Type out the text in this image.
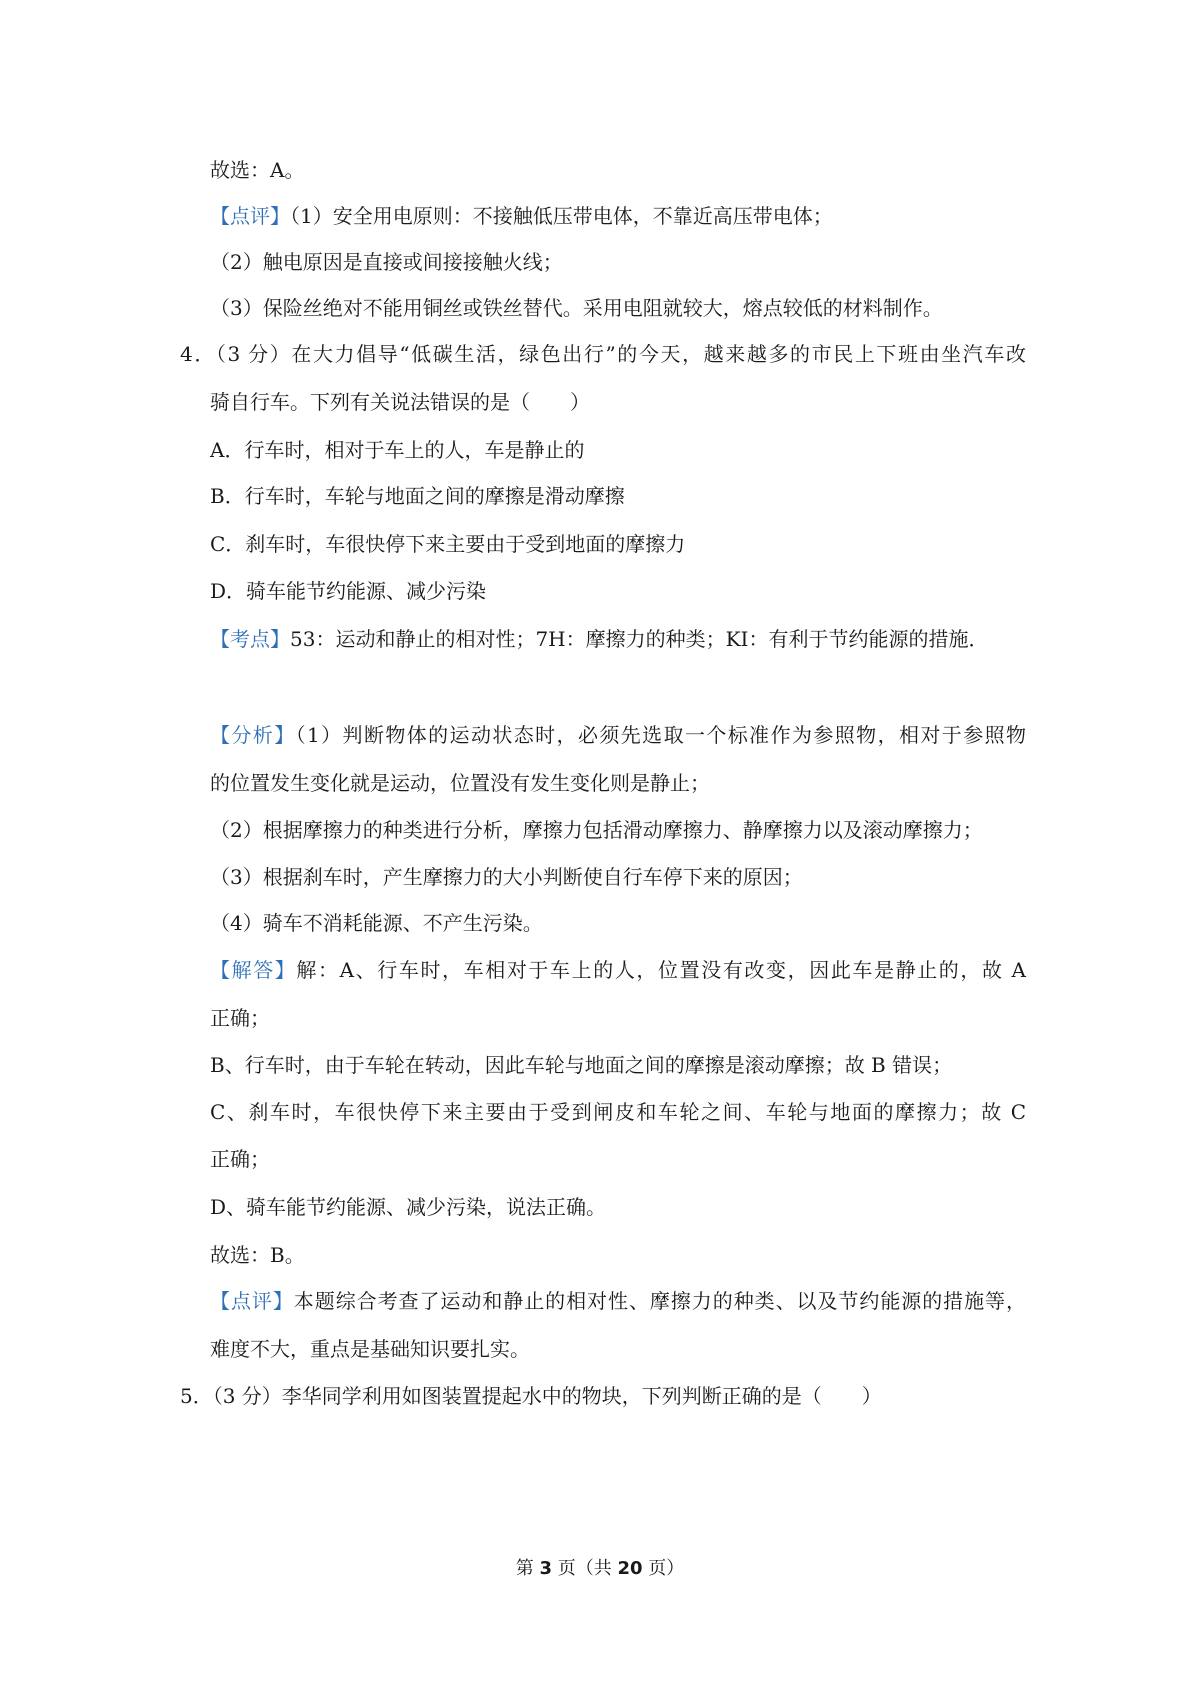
故选：A。
【点评】（1）安全用电原则：不接触低压带电体，不靠近高压带电体；
（2）触电原因是直接或间接接触火线；
（3）保险丝绝对不能用铜丝或铁丝替代。采用电阻就较大，熔点较低的材料制作。
4．（3 分）在大力倡导“低碳生活，绿色出行”的今天，越来越多的市民上下班由坐汽车改
骑自行车。下列有关说法错误的是（　　）
A．行车时，相对于车上的人，车是静止的
B．行车时，车轮与地面之间的摩擦是滑动摩擦
C．刹车时，车很快停下来主要由于受到地面的摩擦力
D．骑车能节约能源、减少污染
【考点】53：运动和静止的相对性；7H：摩擦力的种类；KI：有利于节约能源的措施．
【分析】（1）判断物体的运动状态时，必须先选取一个标准作为参照物，相对于参照物
的位置发生变化就是运动，位置没有发生变化则是静止；
（2）根据摩擦力的种类进行分析，摩擦力包括滑动摩擦力、静摩擦力以及滚动摩擦力；
（3）根据刹车时，产生摩擦力的大小判断使自行车停下来的原因；
（4）骑车不消耗能源、不产生污染。
【解答】解：A、行车时，车相对于车上的人，位置没有改变，因此车是静止的，故 A
正确；
B、行车时，由于车轮在转动，因此车轮与地面之间的摩擦是滚动摩擦；故 B 错误；
C、刹车时，车很快停下来主要由于受到闸皮和车轮之间、车轮与地面的摩擦力；故 C
正确；
D、骑车能节约能源、减少污染，说法正确。
故选：B。
【点评】本题综合考查了运动和静止的相对性、摩擦力的种类、以及节约能源的措施等，
难度不大，重点是基础知识要扎实。
5．（3 分）李华同学利用如图装置提起水中的物块，下列判断正确的是（　　）
第 3 页（共 20 页）
